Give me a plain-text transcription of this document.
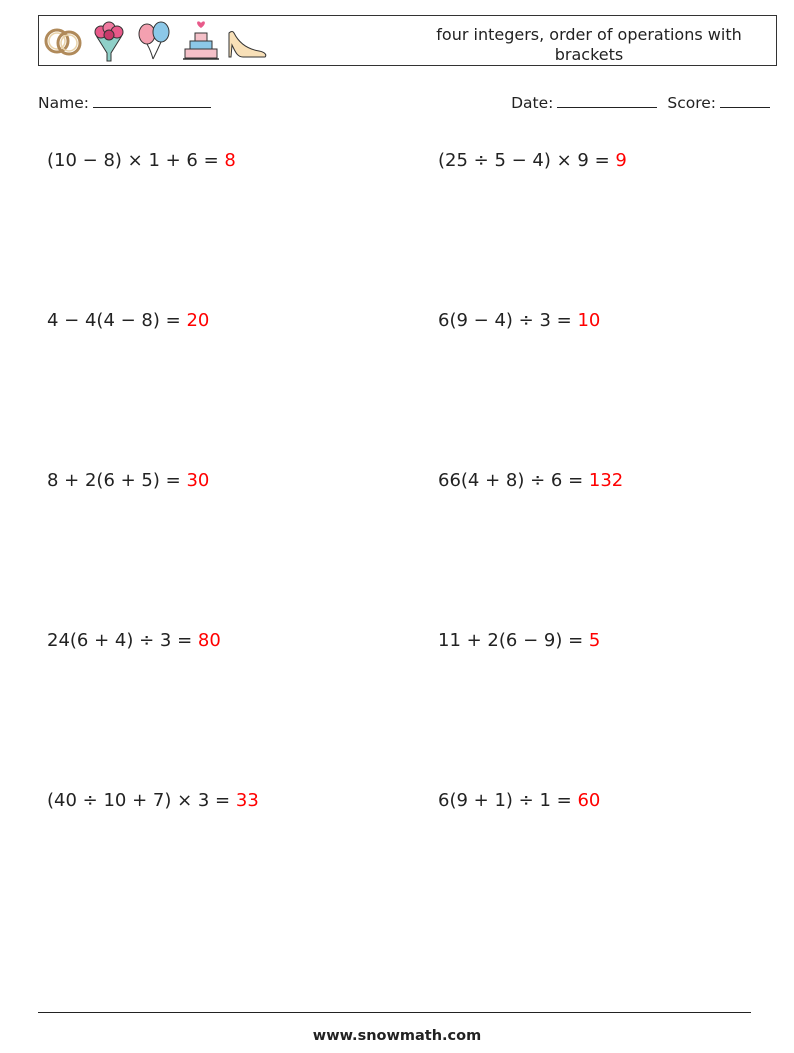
four integers, order of operations with brackets
Name:	Date:	Score:
(10 − 8) × 1 + 6 = 8	(25 ÷ 5 − 4) × 9 = 9
4 − 4(4 − 8) = 20	6(9 − 4) ÷ 3 = 10
8 + 2(6 + 5) = 30	66(4 + 8) ÷ 6 = 132
24(6 + 4) ÷ 3 = 80	11 + 2(6 − 9) = 5
(40 ÷ 10 + 7) × 3 = 33	6(9 + 1) ÷ 1 = 60
www.snowmath.com
